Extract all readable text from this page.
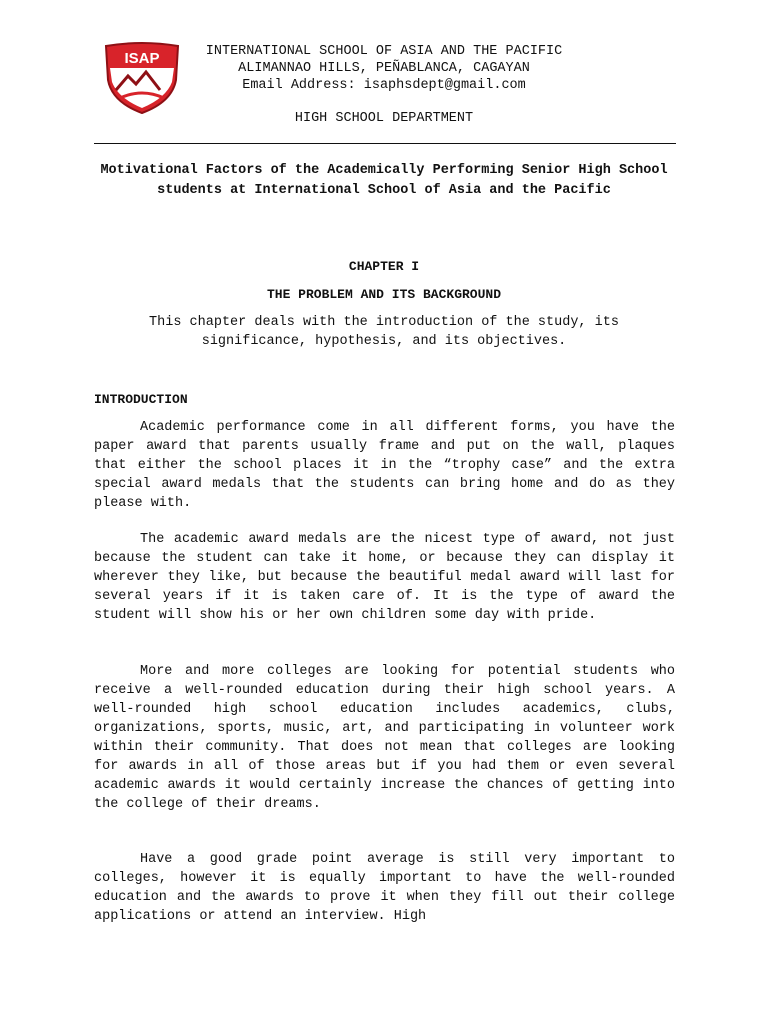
ISAP	INTERNATIONAL SCHOOL OF ASIA AND THE PACIFIC
ALIMANNAO HILLS, PEÑABLANCA, CAGAYAN
Email Address: isaphsdept@gmail.com
HIGH SCHOOL DEPARTMENT
Motivational Factors of the Academically Performing Senior High School students at International School of Asia and the Pacific
CHAPTER I
THE PROBLEM AND ITS BACKGROUND
This chapter deals with the introduction of the study, its significance, hypothesis, and its objectives.
INTRODUCTION

Academic performance come in all different forms, you have the paper award that parents usually frame and put on the wall, plaques that either the school places it in the “trophy case” and the extra special award medals that the students can bring home and do as they please with.

The academic award medals are the nicest type of award, not just because the student can take it home, or because they can display it wherever they like, but because the beautiful medal award will last for several years if it is taken care of. It is the type of award the student will show his or her own children some day with pride.

More and more colleges are looking for potential students who receive a well-rounded education during their high school years. A well-rounded high school education includes academics, clubs, organizations, sports, music, art, and participating in volunteer work within their community. That does not mean that colleges are looking for awards in all of those areas but if you had them or even several academic awards it would certainly increase the chances of getting into the college of their dreams.

Have a good grade point average is still very important to colleges, however it is equally important to have the well-rounded education and the awards to prove it when they fill out their college applications or attend an interview. High
